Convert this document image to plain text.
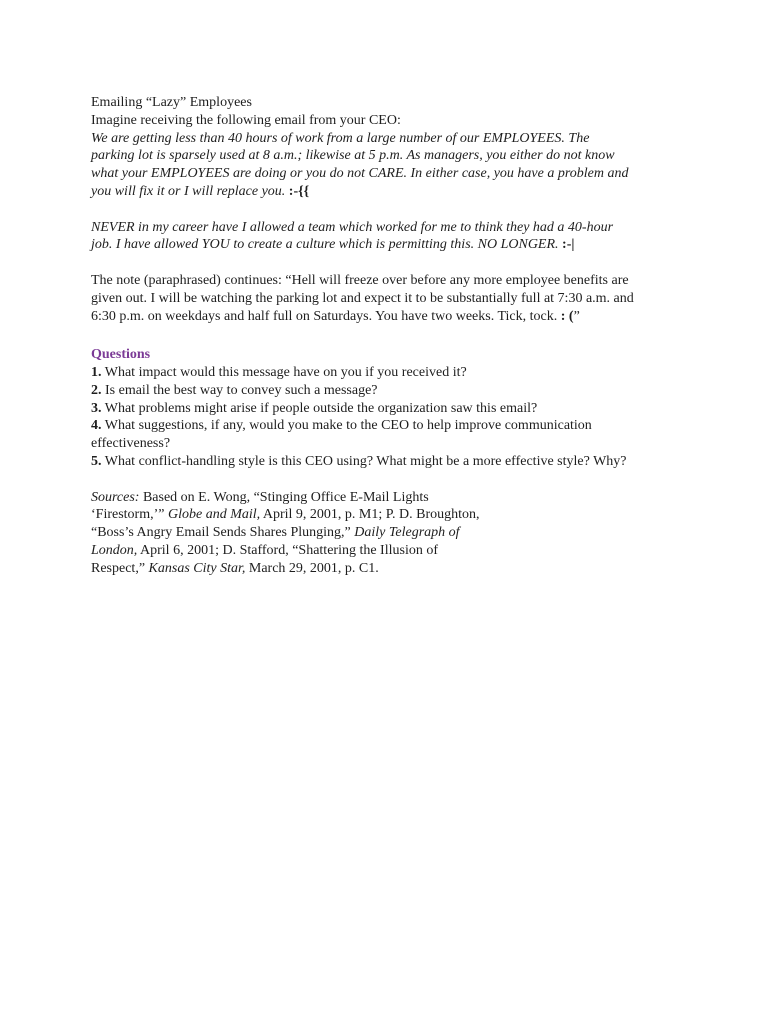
Emailing “Lazy” Employees
Imagine receiving the following email from your CEO:
We are getting less than 40 hours of work from a large number of our EMPLOYEES. The
parking lot is sparsely used at 8 a.m.; likewise at 5 p.m. As managers, you either do not know
what your EMPLOYEES are doing or you do not CARE. In either case, you have a problem and
you will fix it or I will replace you. :-{{
NEVER in my career have I allowed a team which worked for me to think they had a 40-hour
job. I have allowed YOU to create a culture which is permitting this. NO LONGER. :-|
The note (paraphrased) continues: “Hell will freeze over before any more employee benefits are
given out. I will be watching the parking lot and expect it to be substantially full at 7:30 a.m. and
6:30 p.m. on weekdays and half full on Saturdays. You have two weeks. Tick, tock. : (”
Questions
1. What impact would this message have on you if you received it?
2. Is email the best way to convey such a message?
3. What problems might arise if people outside the organization saw this email?
4. What suggestions, if any, would you make to the CEO to help improve communication effectiveness?
5. What conflict-handling style is this CEO using? What might be a more effective style? Why?
Sources: Based on E. Wong, “Stinging Office E-Mail Lights
‘Firestorm,’” Globe and Mail, April 9, 2001, p. M1; P. D. Broughton,
“Boss’s Angry Email Sends Shares Plunging,” Daily Telegraph of
London, April 6, 2001; D. Stafford, “Shattering the Illusion of
Respect,” Kansas City Star, March 29, 2001, p. C1.
